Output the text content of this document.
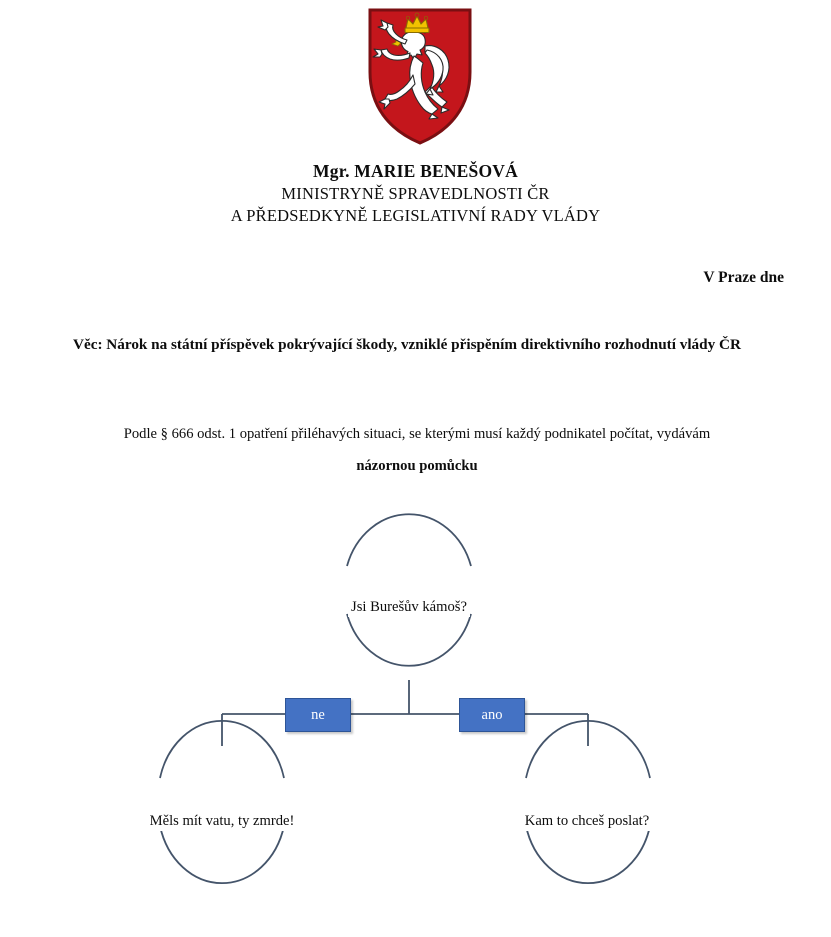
Mgr. MARIE BENEŠOVÁ
MINISTRYNĚ SPRAVEDLNOSTI ČR
A PŘEDSEDKYNĚ LEGISLATIVNÍ RADY VLÁDY
V Praze dne
Věc: Nárok na státní příspěvek pokrývající škody, vzniklé přispěním direktivního rozhodnutí vlády ČR
Podle § 666 odst. 1 opatření přiléhavých situaci, se kterými musí každý podnikatel počítat, vydávám
názornou pomůcku
Jsi Burešův kámoš?
Měls mít vatu, ty zmrde!	Kam to chceš poslat?
ne	ano
